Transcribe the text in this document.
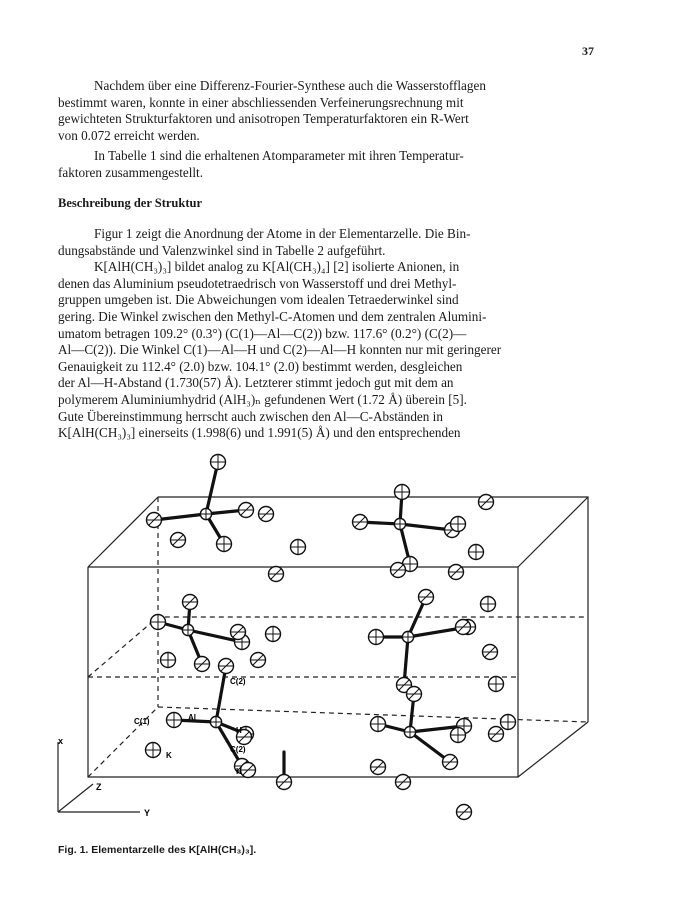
37
Nachdem über eine Differenz-Fourier-Synthese auch die Wasserstofflagen
bestimmt waren, konnte in einer abschliessenden Verfeinerungsrechnung mit
gewichteten Strukturfaktoren und anisotropen Temperaturfaktoren ein R-Wert
von 0.072 erreicht werden.
In Tabelle 1 sind die erhaltenen Atomparameter mit ihren Temperatur-
faktoren zusammengestellt.
Beschreibung der Struktur
Figur 1 zeigt die Anordnung der Atome in der Elementarzelle. Die Bin-
dungsabstände und Valenzwinkel sind in Tabelle 2 aufgeführt.
K[AlH(CH₃)₃] bildet analog zu K[Al(CH₃)₄] [2] isolierte Anionen, in
denen das Aluminium pseudotetraedrisch von Wasserstoff und drei Methyl-
gruppen umgeben ist. Die Abweichungen vom idealen Tetraederwinkel sind
gering. Die Winkel zwischen den Methyl-C-Atomen und dem zentralen Alumini-
umatom betragen 109.2° (0.3°) (C(1)—Al—C(2)) bzw. 117.6° (0.2°) (C(2)—
Al—C(2)). Die Winkel C(1)—Al—H und C(2)—Al—H konnten nur mit geringerer
Genauigkeit zu 112.4° (2.0) bzw. 104.1° (2.0) bestimmt werden, desgleichen
der Al—H-Abstand (1.730(57) Å). Letzterer stimmt jedoch gut mit dem an
polymerem Aluminiumhydrid (AlH₃)ₙ gefundenen Wert (1.72 Å) überein [5].
Gute Übereinstimmung herrscht auch zwischen den Al—C-Abständen in
K[AlH(CH₃)₃] einerseits (1.998(6) und 1.991(5) Å) und den entsprechenden
x
Y
Z
C(1)	Al
C(2)
C(2)
H
H
K
Fig. 1. Elementarzelle des K[AlH(CH₃)₃].
